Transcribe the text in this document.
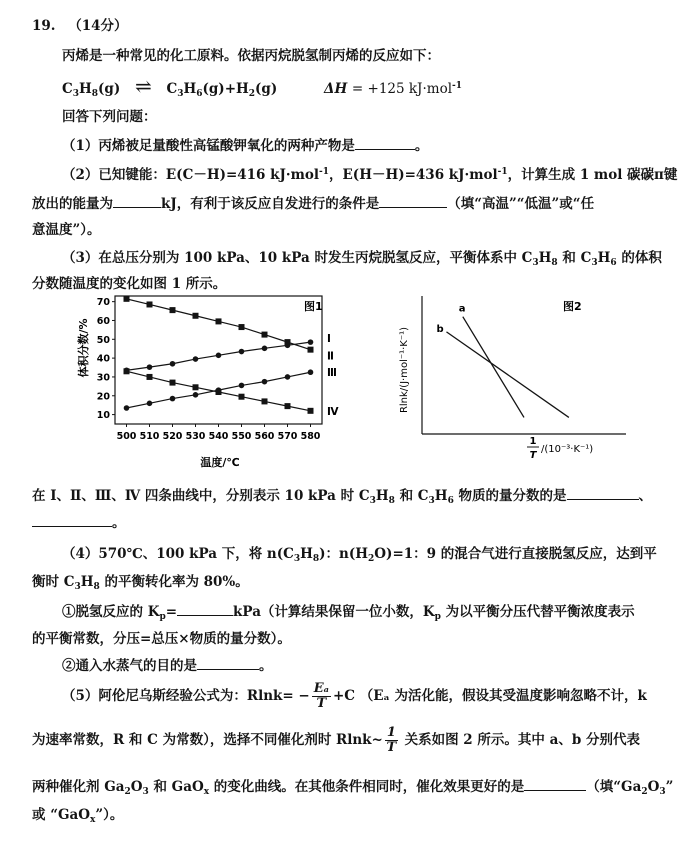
19. （14分）
丙烯是一种常见的化工原料。依据丙烷脱氢制丙烯的反应如下：
$C_3H_8(g)$ ⇌ $C_3H_6(g)+H_2(g)$	ΔH = +125 kJ·mol$^{-1}$
回答下列问题：
（1）丙烯被足量酸性高锰酸钾氧化的两种产物是	。
（2）已知键能：E(C－H)=416 kJ·mol$^{-1}$，E(H－H)=436 kJ·mol$^{-1}$，计算生成 1 mol 碳碳π键
放出的能量为	kJ，有利于该反应自发进行的条件是	（填“高温”“低温”或“任
意温度”）。
（3）在总压分别为 100 kPa、10 kPa 时发生丙烷脱氢反应，平衡体系中 $C_3H_8$ 和 $C_3H_6$ 的体积
分数随温度的变化如图 1 所示。
500 510 520 530 540 550 560 570 580
10
20
30
40
50
60
70
Ⅰ
Ⅱ
Ⅲ
Ⅳ
图1
体积分数/%
温度/℃
a
b
图2
Rlnk/(J·mol⁻¹·K⁻¹)
1
T
/(10⁻³·K⁻¹)
在 Ⅰ、Ⅱ、Ⅲ、Ⅳ 四条曲线中，分别表示 10 kPa 时 $C_3H_8$ 和 $C_3H_6$ 物质的量分数的是	、
。
（4）570℃、100 kPa 下，将 $n(C_3H_8)$：$n(H_2O)=1$：9 的混合气进行直接脱氢反应，达到平
衡时 $C_3H_8$ 的平衡转化率为 80%。
①脱氢反应的 $K_p=$	kPa（计算结果保留一位小数，$K_p$ 为以平衡分压代替平衡浓度表示
的平衡常数，分压=总压×物质的量分数）。
②通入水蒸气的目的是	。
（5）阿伦尼乌斯经验公式为：$Rlnk= - \frac{\text{Eₐ}}{T} +C$ （Eₐ 为活化能，假设其受温度影响忽略不计，k
为速率常数，R 和 C 为常数），选择不同催化剂时 Rlnk~ $\frac{1}{T}$ 关系如图 2 所示。其中 a、b 分别代表
两种催化剂 $Ga_2O_3$ 和 GaO$_x$ 的变化曲线。在其他条件相同时，催化效果更好的是	（填“$Ga_2O_3$”
或 “GaO$_x$”）。
